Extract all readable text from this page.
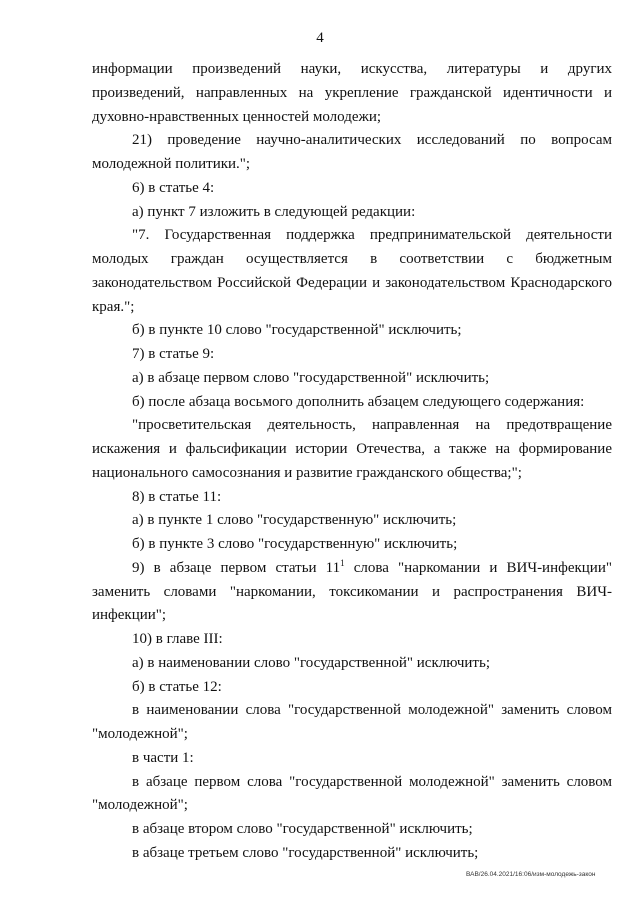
4

информации произведений науки, искусства, литературы и других произведений, направленных на укрепление гражданской идентичности и духовно-нравственных ценностей молодежи;

21) проведение научно-аналитических исследований по вопросам молодежной политики.";

6) в статье 4:

а) пункт 7 изложить в следующей редакции:

"7. Государственная поддержка предпринимательской деятельности молодых граждан осуществляется в соответствии с бюджетным законодательством Российской Федерации и законодательством Краснодарского края.";

б) в пункте 10 слово "государственной" исключить;

7) в статье 9:

а) в абзаце первом слово "государственной" исключить;

б) после абзаца восьмого дополнить абзацем следующего содержания:

"просветительская деятельность, направленная на предотвращение искажения и фальсификации истории Отечества, а также на формирование национального самосознания и развитие гражданского общества;";

8) в статье 11:

а) в пункте 1 слово "государственную" исключить;

б) в пункте 3 слово "государственную" исключить;

9) в абзаце первом статьи $11^1$ слова "наркомании и ВИЧ-инфекции" заменить словами "наркомании, токсикомании и распространения ВИЧ-инфекции";

10) в главе III:

а) в наименовании слово "государственной" исключить;

б) в статье 12:

в наименовании слова "государственной молодежной" заменить словом "молодежной";

в части 1:

в абзаце первом слова "государственной молодежной" заменить словом "молодежной";

в абзаце втором слово "государственной" исключить;

в абзаце третьем слово "государственной" исключить;

ВАВ/26.04.2021/16:06/изм-молодежь-закон
